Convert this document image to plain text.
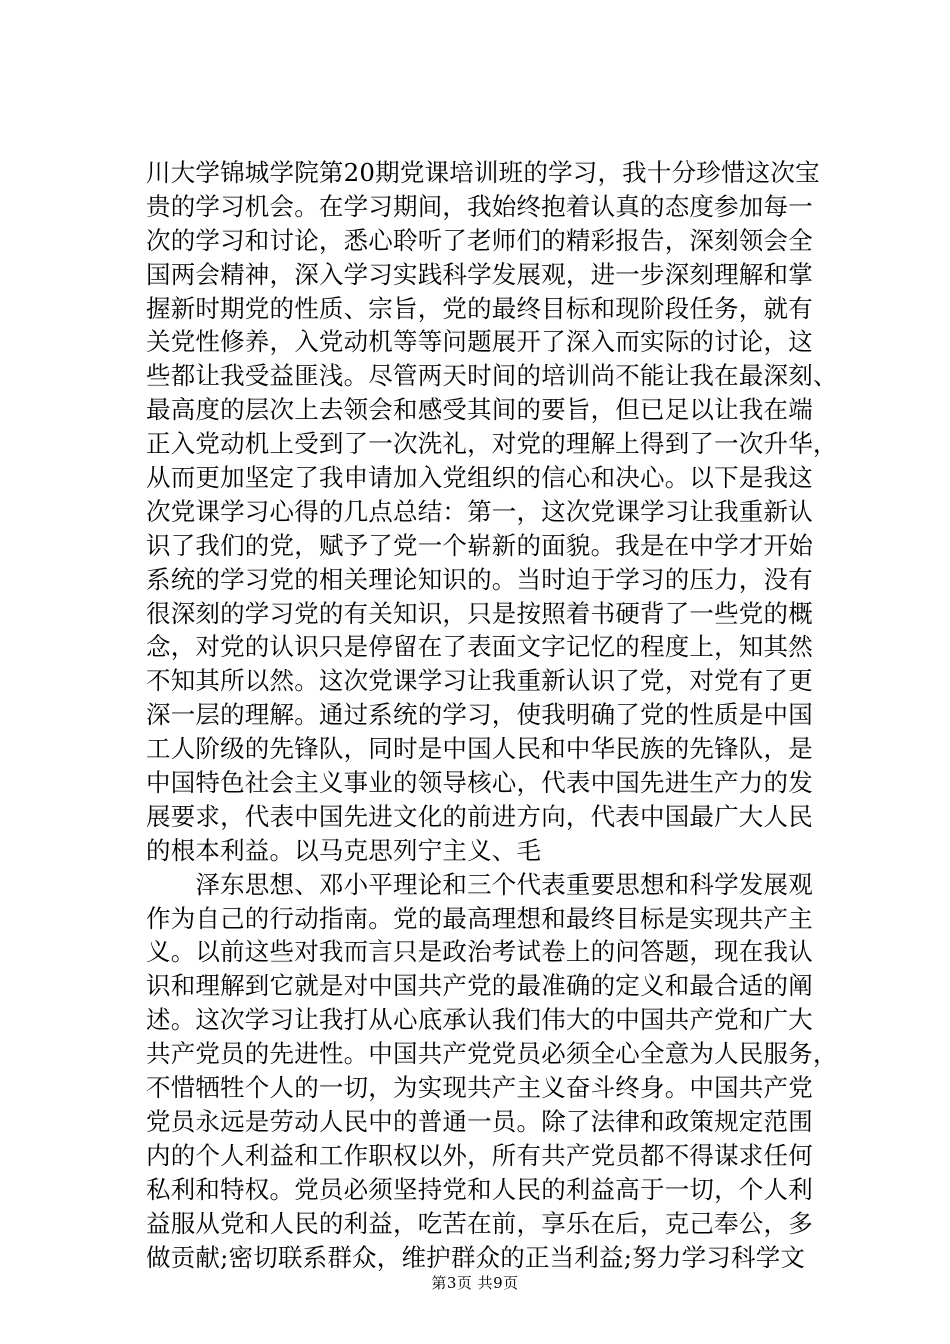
川大学锦城学院第20期党课培训班的学习，我十分珍惜这次宝
贵的学习机会。在学习期间，我始终抱着认真的态度参加每一
次的学习和讨论，悉心聆听了老师们的精彩报告，深刻领会全
国两会精神，深入学习实践科学发展观，进一步深刻理解和掌
握新时期党的性质、宗旨，党的最终目标和现阶段任务，就有
关党性修养，入党动机等等问题展开了深入而实际的讨论，这
些都让我受益匪浅。尽管两天时间的培训尚不能让我在最深刻、
最高度的层次上去领会和感受其间的要旨，但已足以让我在端
正入党动机上受到了一次洗礼，对党的理解上得到了一次升华，
从而更加坚定了我申请加入党组织的信心和决心。以下是我这
次党课学习心得的几点总结：第一，这次党课学习让我重新认
识了我们的党，赋予了党一个崭新的面貌。我是在中学才开始
系统的学习党的相关理论知识的。当时迫于学习的压力，没有
很深刻的学习党的有关知识，只是按照着书硬背了一些党的概
念，对党的认识只是停留在了表面文字记忆的程度上，知其然
不知其所以然。这次党课学习让我重新认识了党，对党有了更
深一层的理解。通过系统的学习，使我明确了党的性质是中国
工人阶级的先锋队，同时是中国人民和中华民族的先锋队，是
中国特色社会主义事业的领导核心，代表中国先进生产力的发
展要求，代表中国先进文化的前进方向，代表中国最广大人民
的根本利益。以马克思列宁主义、毛
　　泽东思想、邓小平理论和三个代表重要思想和科学发展观
作为自己的行动指南。党的最高理想和最终目标是实现共产主
义。以前这些对我而言只是政治考试卷上的问答题，现在我认
识和理解到它就是对中国共产党的最准确的定义和最合适的阐
述。这次学习让我打从心底承认我们伟大的中国共产党和广大
共产党员的先进性。中国共产党党员必须全心全意为人民服务，
不惜牺牲个人的一切，为实现共产主义奋斗终身。中国共产党
党员永远是劳动人民中的普通一员。除了法律和政策规定范围
内的个人利益和工作职权以外，所有共产党员都不得谋求任何
私利和特权。党员必须坚持党和人民的利益高于一切，个人利
益服从党和人民的利益，吃苦在前，享乐在后，克己奉公，多
做贡献;密切联系群众，维护群众的正当利益;努力学习科学文
第3页 共9页
